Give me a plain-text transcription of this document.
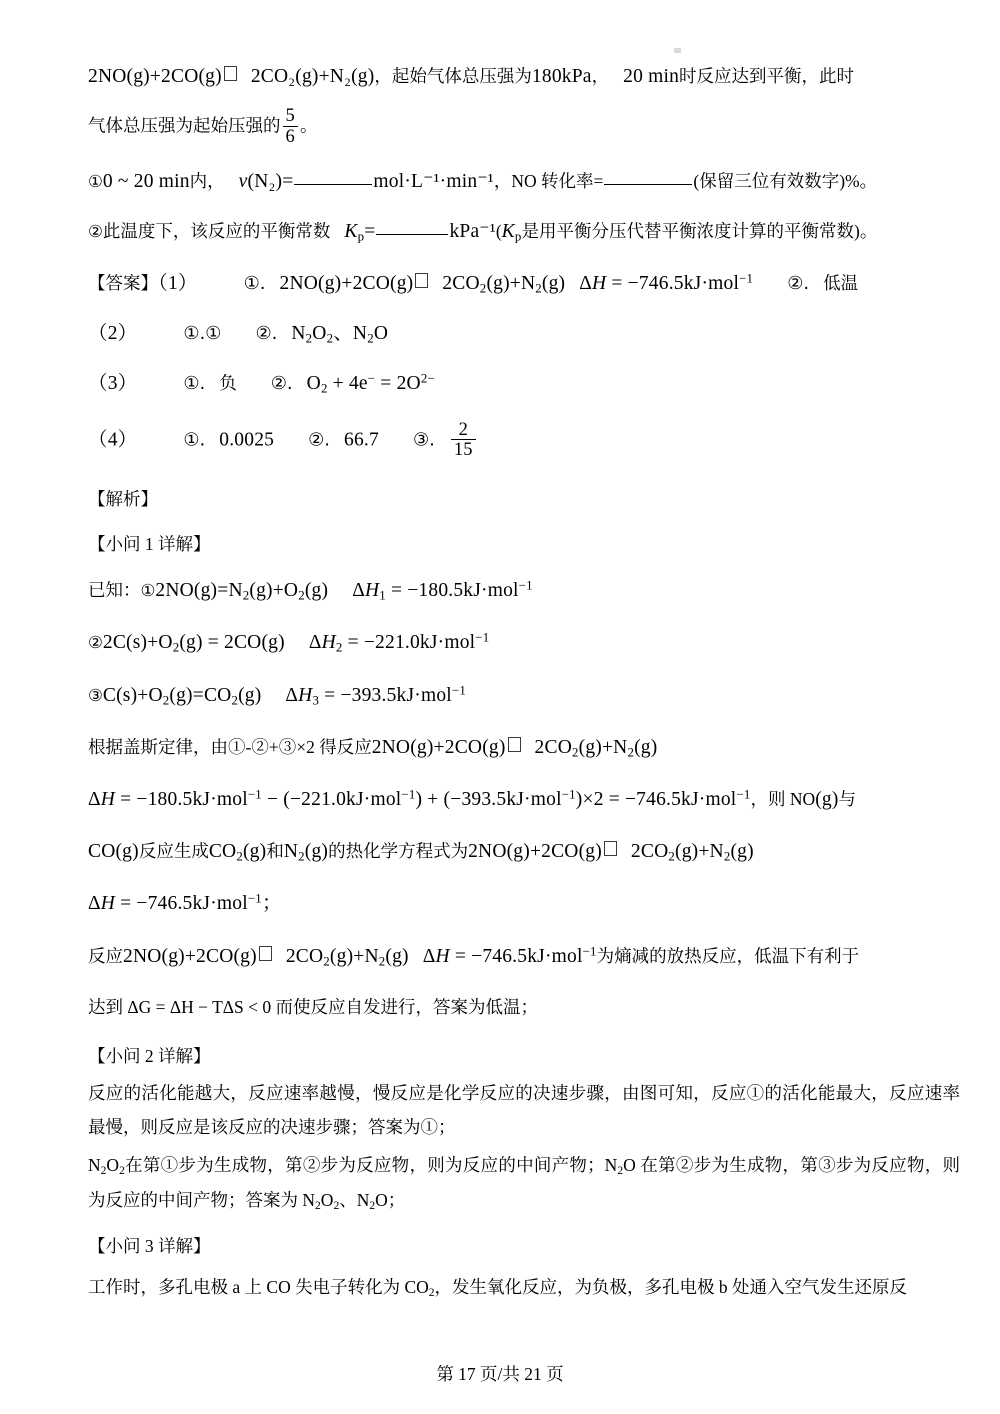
2NO(g)+2CO(g) 2CO₂(g)+N₂(g)，起始气体总压强为180kPa， 20 min时反应达到平衡，此时
气体总压强为起始压强的 $\frac{5}{6}$ 。
①0 ~ 20 min内， v(N₂)=	mol·L⁻¹·min⁻¹，NO 转化率=	(保留三位有效数字)%。
②此温度下，该反应的平衡常数 $K_p=$	$kPa^{-1}(K_p$是用平衡分压代替平衡浓度计算的平衡常数)。
【答案】（1）	①. 2NO(g)+2CO(g) $2CO_2(g)+N_2(g) \Delta H = -746.5kJ\cdot mol^{-1}$ ②. 低温
（2）	①.① ②. $N_2O_2$、$N_2O$
（3）	①. 负 ②. $O_2 + 4e^- = 2O^{2-}$
（4）	①. 0.0025 ②. 66.7 ③. $\frac{2}{15}$
【解析】
【小问 1 详解】
已知：$①2NO(g)=N_2(g)+O_2(g) \Delta H_1 = -180.5kJ\cdot mol^{-1}$
$②2C(s)+O_2(g) = 2CO(g) \Delta H_2 = -221.0kJ\cdot mol^{-1}$
$③C(s)+O_2(g)=CO_2(g) \Delta H_3 = -393.5kJ\cdot mol^{-1}$
根据盖斯定律，由①-②+③×2 得反应2NO(g)+2CO(g) $2CO_2(g)+N_2(g)$
ΔH = −180.5kJ·mol$^{-1}$ − (−221.0kJ·mol$^{-1}$) + (−393.5kJ·mol$^{-1}$)×2 = −746.5kJ·mol$^{-1}$，则 NO(g)与
CO(g)反应生成$CO_2(g)$和$N_2(g)$的热化学方程式为2NO(g)+2CO(g) $2CO_2(g)+N_2(g)$
ΔH = −746.5kJ·mol$^{-1}$；
反应2NO(g)+2CO(g) $2CO_2(g)+N_2(g) \Delta H = -746.5kJ\cdot mol^{-1}$为熵减的放热反应，低温下有利于
达到 ΔG = ΔH − TΔS < 0 而使反应自发进行，答案为低温；
【小问 2 详解】
反应的活化能越大，反应速率越慢，慢反应是化学反应的决速步骤，由图可知，反应①的活化能最大，反应速率最慢，则反应是该反应的决速步骤；答案为①；
$N_2O_2$在第①步为生成物，第②步为反应物，则为反应的中间产物；$N_2O$ 在第②步为生成物，第③步为反应物，则为反应的中间产物；答案为 $N_2O_2$、$N_2O$；
【小问 3 详解】
工作时，多孔电极 a 上 CO 失电子转化为 $CO_2$，发生氧化反应，为负极，多孔电极 b 处通入空气发生还原反
第 17 页/共 21 页
